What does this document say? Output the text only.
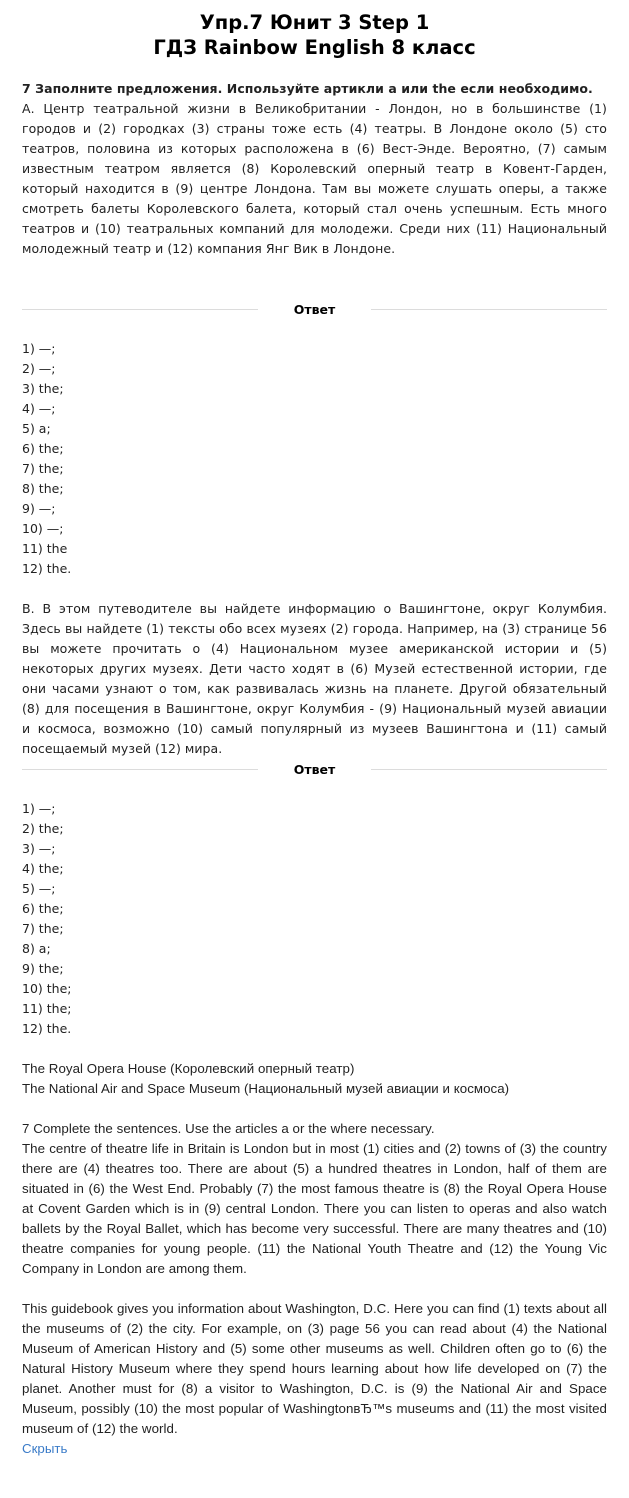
Упр.7 Юнит 3 Step 1
ГДЗ Rainbow English 8 класс

7 Заполните предложения. Используйте артикли a или the если необходимо.
А. Центр театральной жизни в Великобритании - Лондон, но в большинстве (1) городов и (2) городках (3) страны тоже есть (4) театры. В Лондоне около (5) сто театров, половина из которых расположена в (6) Вест-Энде. Вероятно, (7) самым известным театром является (8) Королевский оперный театр в Ковент-Гарден, который находится в (9) центре Лондона. Там вы можете слушать оперы, а также смотреть балеты Королевского балета, который стал очень успешным. Есть много театров и (10) театральных компаний для молодежи. Среди них (11) Национальный молодежный театр и (12) компания Янг Вик в Лондоне.

Ответ
1) —;
2) —;
3) the;
4) —;
5) a;
6) the;
7) the;
8) the;
9) —;
10) —;
11) the
12) the.

В. В этом путеводителе вы найдете информацию о Вашингтоне, округ Колумбия. Здесь вы найдете (1) тексты обо всех музеях (2) города. Например, на (3) странице 56 вы можете прочитать о (4) Национальном музее американской истории и (5) некоторых других музеях. Дети часто ходят в (6) Музей естественной истории, где они часами узнают о том, как развивалась жизнь на планете. Другой обязательный (8) для посещения в Вашингтоне, округ Колумбия - (9) Национальный музей авиации и космоса, возможно (10) самый популярный из музеев Вашингтона и (11) самый посещаемый музей (12) мира.

Ответ
1) —;
2) the;
3) —;
4) the;
5) —;
6) the;
7) the;
8) a;
9) the;
10) the;
11) the;
12) the.
The Royal Opera House (Королевский оперный театр)
The National Air and Space Museum (Национальный музей авиации и космоса)

7 Complete the sentences. Use the articles a or the where necessary.
The centre of theatre life in Britain is London but in most (1) cities and (2) towns of (3) the country there are (4) theatres too. There are about (5) a hundred theatres in London, half of them are situated in (6) the West End. Probably (7) the most famous theatre is (8) the Royal Opera House at Covent Garden which is in (9) central London. There you can listen to operas and also watch ballets by the Royal Ballet, which has become very successful. There are many theatres and (10) theatre companies for young people. (11) the National Youth Theatre and (12) the Young Vic Company in London are among them.

This guidebook gives you information about Washington, D.C. Here you can find (1) texts about all the museums of (2) the city. For example, on (3) page 56 you can read about (4) the National Museum of American History and (5) some other museums as well. Children often go to (6) the Natural History Museum where they spend hours learning about how life developed on (7) the planet. Another must for (8) a visitor to Washington, D.C. is (9) the National Air and Space Museum, possibly (10) the most popular of WashingtonвЂ™s museums and (11) the most visited museum of (12) the world.

Скрыть
